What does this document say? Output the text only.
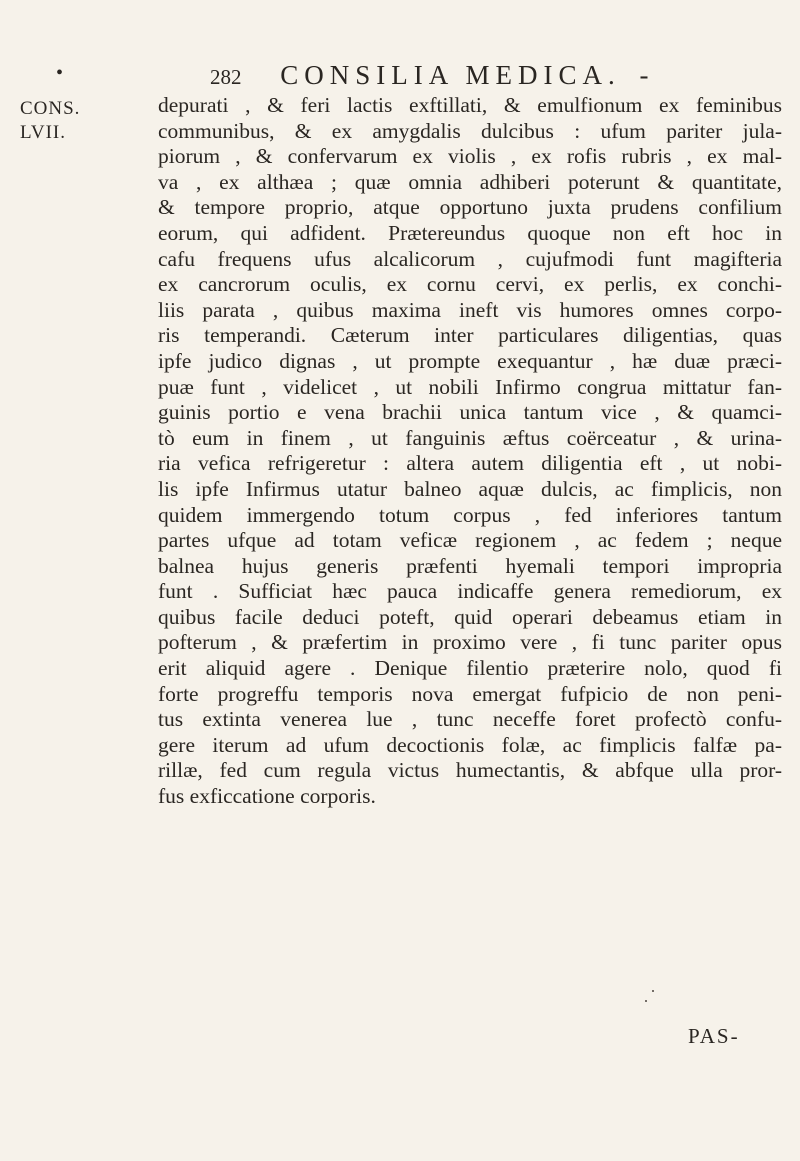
•	282 CONSILIA MEDICA. -
CONS.
LVII.
depurati , & feri lactis exftillati, & emulfionum ex feminibus
communibus, & ex amygdalis dulcibus : ufum pariter jula-
piorum , & confervarum ex violis , ex rofis rubris , ex mal-
va , ex althæa ; quæ omnia adhiberi poterunt & quantitate,
& tempore proprio, atque opportuno juxta prudens confilium
eorum, qui adfident. Prætereundus quoque non eft hoc in
cafu frequens ufus alcalicorum , cujufmodi funt magifteria
ex cancrorum oculis, ex cornu cervi, ex perlis, ex conchi-
liis parata , quibus maxima ineft vis humores omnes corpo-
ris temperandi. Cæterum inter particulares diligentias, quas
ipfe judico dignas , ut prompte exequantur , hæ duæ præci-
puæ funt , videlicet , ut nobili Infirmo congrua mittatur fan-
guinis portio e vena brachii unica tantum vice , & quamci-
tò eum in finem , ut fanguinis æftus coërceatur , & urina-
ria vefica refrigeretur : altera autem diligentia eft , ut nobi-
lis ipfe Infirmus utatur balneo aquæ dulcis, ac fimplicis, non
quidem immergendo totum corpus , fed inferiores tantum
partes ufque ad totam veficæ regionem , ac fedem ; neque
balnea hujus generis præfenti hyemali tempori impropria
funt . Sufficiat hæc pauca indicaffe genera remediorum, ex
quibus facile deduci poteft, quid operari debeamus etiam in
pofterum , & præfertim in proximo vere , fi tunc pariter opus
erit aliquid agere . Denique filentio præterire nolo, quod fi
forte progreffu temporis nova emergat fufpicio de non peni-
tus extinta venerea lue , tunc neceffe foret profectò confu-
gere iterum ad ufum decoctionis folæ, ac fimplicis falfæ pa-
rillæ, fed cum regula victus humectantis, & abfque ulla pror-
fus exficcatione corporis.
PAS-
